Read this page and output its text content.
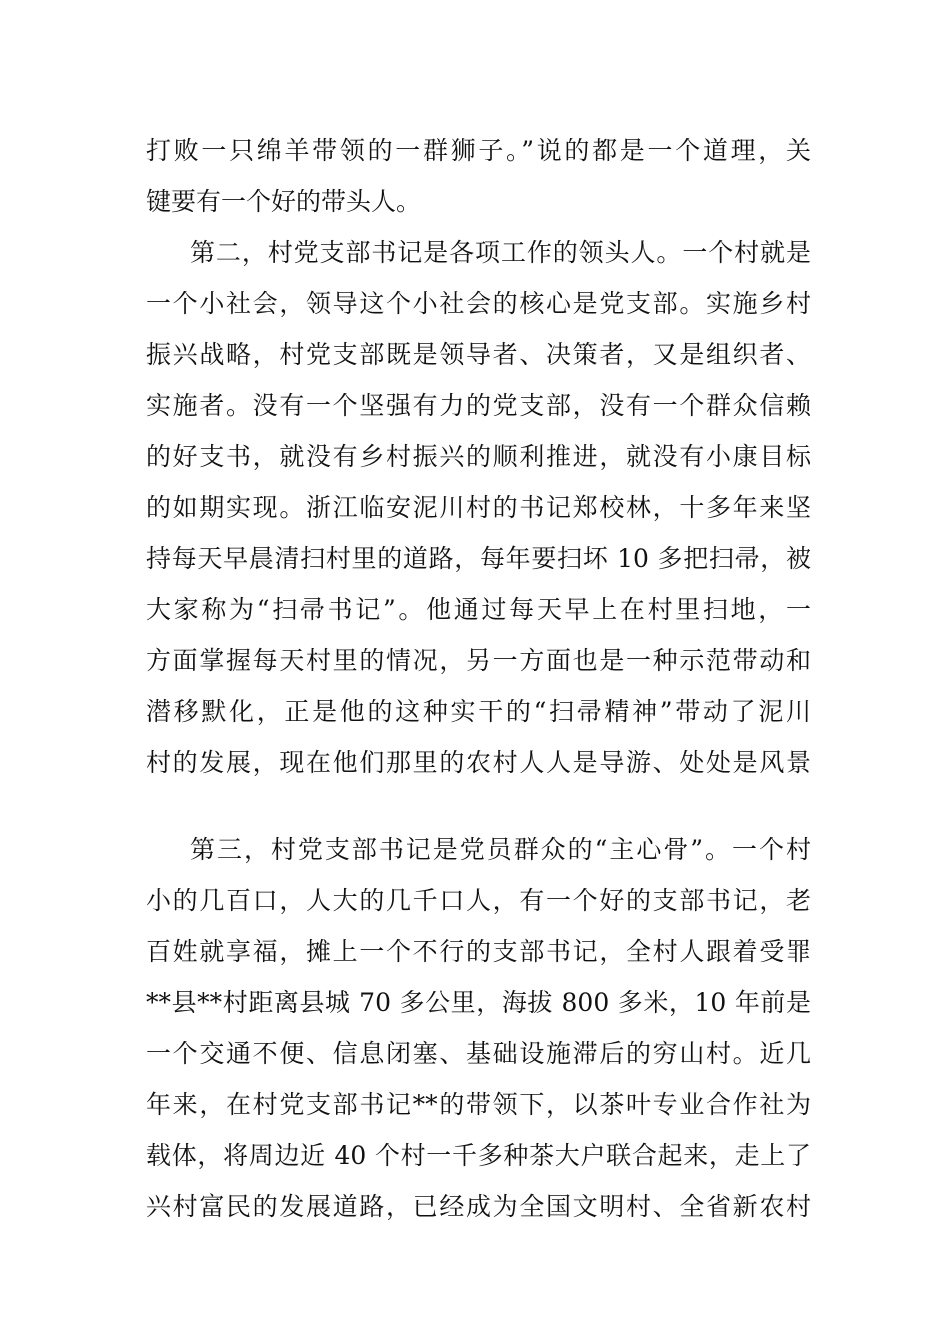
打败一只绵羊带领的一群狮子。”说的都是一个道理，关
键要有一个好的带头人。
第二，村党支部书记是各项工作的领头人。一个村就是
一个小社会，领导这个小社会的核心是党支部。实施乡村
振兴战略，村党支部既是领导者、决策者，又是组织者、
实施者。没有一个坚强有力的党支部，没有一个群众信赖
的好支书，就没有乡村振兴的顺利推进，就没有小康目标
的如期实现。浙江临安泥川村的书记郑校林，十多年来坚
持每天早晨清扫村里的道路，每年要扫坏 10 多把扫帚，被
大家称为“扫帚书记”。他通过每天早上在村里扫地，一
方面掌握每天村里的情况，另一方面也是一种示范带动和
潜移默化，正是他的这种实干的“扫帚精神”带动了泥川
村的发展，现在他们那里的农村人人是导游、处处是风景
第三，村党支部书记是党员群众的“主心骨”。一个村
小的几百口，人大的几千口人，有一个好的支部书记，老
百姓就享福，摊上一个不行的支部书记，全村人跟着受罪
**县**村距离县城 70 多公里，海拔 800 多米，10 年前是
一个交通不便、信息闭塞、基础设施滞后的穷山村。近几
年来，在村党支部书记**的带领下，以茶叶专业合作社为
载体，将周边近 40 个村一千多种茶大户联合起来，走上了
兴村富民的发展道路，已经成为全国文明村、全省新农村
